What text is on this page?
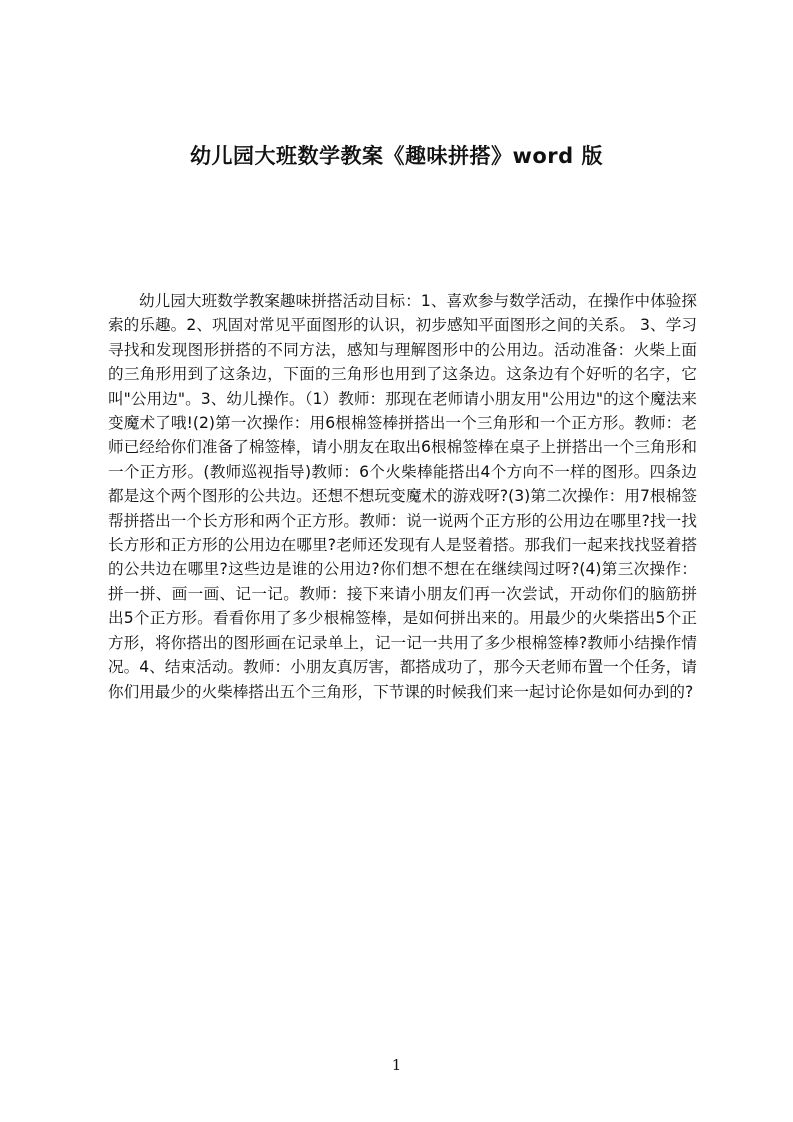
幼儿园大班数学教案《趣味拼搭》word 版

幼儿园大班数学教案趣味拼搭活动目标：1、喜欢参与数学活动，在操作中体验探索的乐趣。2、巩固对常见平面图形的认识，初步感知平面图形之间的关系。 3、学习寻找和发现图形拼搭的不同方法，感知与理解图形中的公用边。活动准备：火柴上面的三角形用到了这条边，下面的三角形也用到了这条边。这条边有个好听的名字，它叫"公用边"。3、幼儿操作。（1）教师：那现在老师请小朋友用"公用边"的这个魔法来变魔术了哦!(2)第一次操作：用6根棉签棒拼搭出一个三角形和一个正方形。教师：老师已经给你们准备了棉签棒，请小朋友在取出6根棉签棒在桌子上拼搭出一个三角形和一个正方形。(教师巡视指导)教师：6个火柴棒能搭出4个方向不一样的图形。四条边都是这个两个图形的公共边。还想不想玩变魔术的游戏呀?(3)第二次操作：用7根棉签帮拼搭出一个长方形和两个正方形。教师：说一说两个正方形的公用边在哪里?找一找长方形和正方形的公用边在哪里?老师还发现有人是竖着搭。那我们一起来找找竖着搭的公共边在哪里?这些边是谁的公用边?你们想不想在在继续闯过呀?(4)第三次操作：拼一拼、画一画、记一记。教师：接下来请小朋友们再一次尝试，开动你们的脑筋拼出5个正方形。看看你用了多少根棉签棒，是如何拼出来的。用最少的火柴搭出5个正方形，将你搭出的图形画在记录单上，记一记一共用了多少根棉签棒?教师小结操作情况。4、结束活动。教师：小朋友真厉害，都搭成功了，那今天老师布置一个任务，请你们用最少的火柴棒搭出五个三角形，下节课的时候我们来一起讨论你是如何办到的?

1
